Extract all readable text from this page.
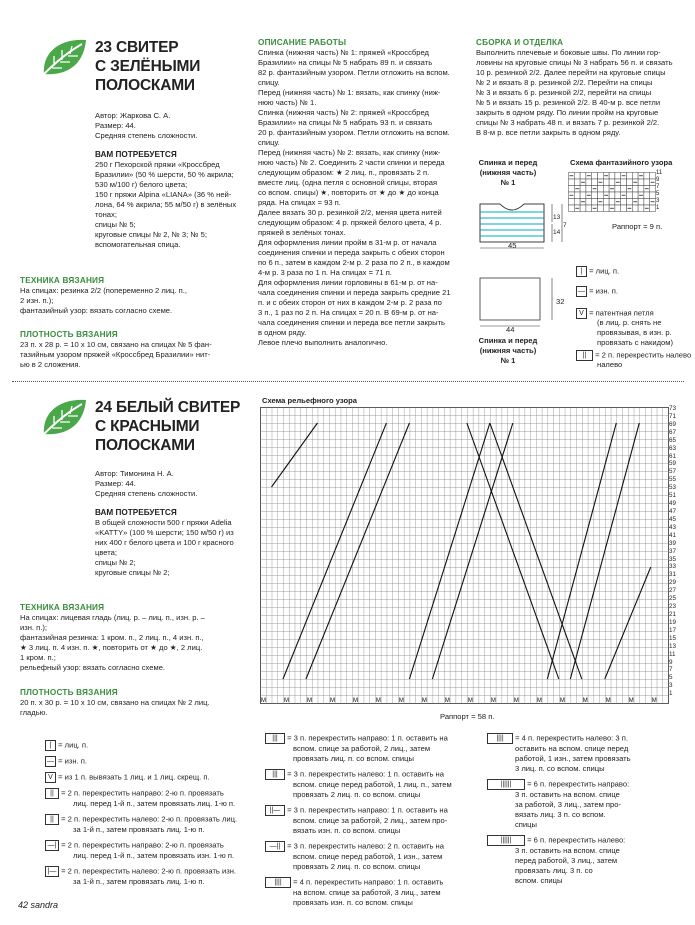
23 СВИТЕР
С ЗЕЛЁНЫМИ
ПОЛОСКАМИ
Автор: Жаркова С. А.
Размер: 44.
Средняя степень сложности.
ВАМ ПОТРЕБУЕТСЯ
250 г Пехорской пряжи «Кроссбред
Бразилии» (50 % шерсти, 50 % акрила;
530 м/100 г) белого цвета;
150 г пряжи Alpina «LIANA» (36 % ней-
лона, 64 % акрила; 55 м/50 г) в зелёных
тонах;
спицы № 5;
круговые спицы № 2, № 3; № 5;
вспомогательная спица.
ТЕХНИКА ВЯЗАНИЯ
На спицах: резинка 2/2 (попеременно 2 лиц. п.,
2 изн. п.);
фантазийный узор: вязать согласно схеме.
ПЛОТНОСТЬ ВЯЗАНИЯ
23 п. х 28 р. = 10 х 10 см, связано на спицах № 5 фан-
тазийным узором пряжей «Кроссбред Бразилии» нит-
ью в 2 сложения.
ОПИСАНИЕ РАБОТЫ
Спинка (нижняя часть) № 1: пряжей «Кроссбред
Бразилии» на спицы № 5 набрать 89 п. и связать
82 р. фантазийным узором. Петли отложить на вспом.
спицу.
Перед (нижняя часть) № 1: вязать, как спинку (ниж-
нюю часть) № 1.
Спинка (нижняя часть) № 2: пряжей «Кроссбред
Бразилии» на спицы № 5 набрать 93 п. и связать
20 р. фантазийным узором. Петли отложить на вспом.
спицу.
Перед (нижняя часть) № 2: вязать, как спинку (ниж-
нюю часть) № 2. Соединить 2 части спинки и переда
следующим образом: ★ 2 лиц. п., провязать 2 п.
вместе лиц. (одна петля с основной спицы, вторая
со вспом. спицы) ★, повторить от ★ до ★ до конца
ряда. На спицах = 93 п.
Далее вязать 30 р. резинкой 2/2, меняя цвета нитей
следующим образом: 4 р. пряжей белого цвета, 4 р.
пряжей в зелёных тонах.
Для оформления линии пройм в 31-м р. от начала
соединения спинки и переда закрыть с обеих сторон
по 6 п., затем в каждом 2-м р. 2 раза по 2 п., в каждом
4-м р. 3 раза по 1 п. На спицах = 71 п.
Для оформления линии горловины в 61-м р. от на-
чала соединения спинки и переда закрыть средние 21
п. и с обеих сторон от них в каждом 2-м р. 2 раза по
3 п., 1 раз по 2 п. На спицах = 20 п. В 69-м р. от на-
чала соединения спинки и переда все петли закрыть
в одном ряду.
Левое плечо выполнить аналогично.
СБОРКА И ОТДЕЛКА
Выполнить плечевые и боковые швы. По линии гор-
ловины на круговые спицы № 3 набрать 56 п. и связать
10 р. резинкой 2/2. Далее перейти на круговые спицы
№ 2 и вязать 8 р. резинкой 2/2. Перейти на спицы
№ 3 и вязать 6 р. резинкой 2/2, перейти на спицы
№ 5 и вязать 15 р. резинкой 2/2. В 40-м р. все петли
закрыть в одном ряду. По линии пройм на круговые
спицы № 3 набрать 48 п. и вязать 7 р. резинкой 2/2.
В 8-м р. все петли закрыть в одном ряду.
Спинка и перед
(нижняя часть)
№ 1
45
13
14
7
44
32
Спинка и перед
(нижняя часть)
№ 1
Схема фантазийного узора
11
9
7
5
3
1
Раппорт = 9 п.
| = лиц. п.
— = изн. п.
V = патентная петля
(в лиц. р. снять не
провязывая, в изн. р.
провязать с накидом)
|| = 2 п. перекрестить налево
налево
24 БЕЛЫЙ СВИТЕР
С КРАСНЫМИ
ПОЛОСКАМИ
Автор: Тимонина Н. А.
Размер: 44.
Средняя степень сложности.
ВАМ ПОТРЕБУЕТСЯ
В общей сложности 500 г пряжи Adelia
«KATTY» (100 % шерсти; 150 м/50 г) из
них 400 г белого цвета и 100 г красного
цвета;
спицы № 2;
круговые спицы № 2;
ТЕХНИКА ВЯЗАНИЯ
На спицах: лицевая гладь (лиц. р. – лиц. п., изн. р. –
изн. п.);
фантазийная резинка: 1 кром. п., 2 лиц. п., 4 изн. п.,
★ 3 лиц. п. 4 изн. п. ★, повторить от ★ до ★, 2 лиц.
1 кром. п.;
рельефный узор: вязать согласно схеме.
ПЛОТНОСТЬ ВЯЗАНИЯ
20 п. х 30 р. = 10 х 10 см, связано на спицах № 2 лиц.
гладью.
Схема рельефного узора
M	M	M	M	M	M	M	M	M	M	M	M	M	M	M	M	M	M
73
71
69
67
65
63
61
59
57
55
53
51
49
47
45
43
41
39
37
35
33
31
29
27
25
23
21
19
17
15
13
11
9
7
5
3
1
Раппорт = 58 п.
| = лиц. п.
— = изн. п.
V = из 1 п. вывязать 1 лиц. и 1 лиц. скрещ. п.
|| = 2 п. перекрестить направо: 2-ю п. провязать
лиц. перед 1-й п., затем провязать лиц. 1-ю п.
|| = 2 п. перекрестить налево: 2-ю п. провязать лиц.
за 1-й п., затем провязать лиц. 1-ю п.
—| = 2 п. перекрестить направо: 2-ю п. провязать
лиц. перед 1-й п., затем провязать изн. 1-ю п.
|— = 2 п. перекрестить налево: 2-ю п. провязать изн.
за 1-й п., затем провязать лиц. 1-ю п.
||| = 3 п. перекрестить направо: 1 п. оставить на
вспом. спице за работой, 2 лиц., затем
провязать лиц. п. со вспом. спицы
||| = 3 п. перекрестить налево: 1 п. оставить на
вспом. спице перед работой, 1 лиц. п., затем
провязать 2 лиц. п. со вспом. спицы
||— = 3 п. перекрестить направо: 1 п. оставить на
вспом. спице за работой, 2 лиц., затем про-
вязать изн. п. со вспом. спицы
—|| = 3 п. перекрестить налево: 2 п. оставить на
вспом. спице перед работой, 1 изн., затем
провязать 2 лиц. п. со вспом. спицы
|||| = 4 п. перекрестить направо: 1 п. оставить
на вспом. спице за работой, 3 лиц., затем
провязать изн. п. со вспом. спицы
|||| = 4 п. перекрестить налево: 3 п.
оставить на вспом. спице перед
работой, 1 изн., затем провязать
3 лиц. п. со вспом. спицы
|||||| = 6 п. перекрестить направо:
3 п. оставить на вспом. спице
за работой, 3 лиц., затем про-
вязать лиц. 3 п. со вспом.
спицы
|||||| = 6 п. перекрестить налево:
3 п. оставить на вспом. спице
перед работой, 3 лиц., затем
провязать лиц. 3 п. со
вспом. спицы
42 sandra
